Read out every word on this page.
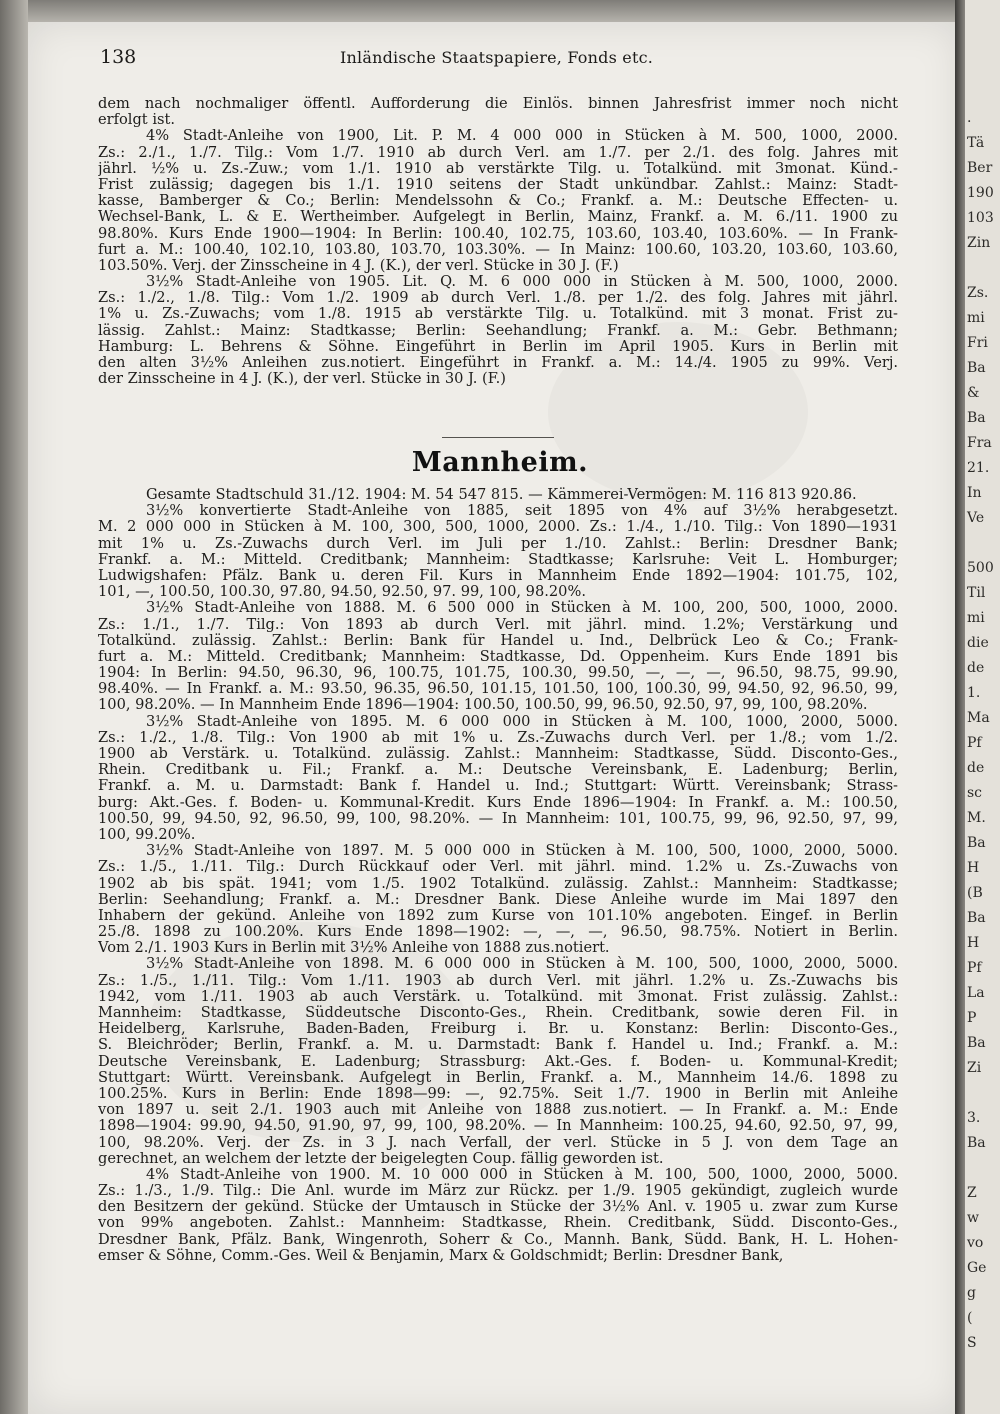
.
Tä
Ber
190
103
Zin
Zs.
mi
Fri
Ba
&
Ba
Fra
21.
In
Ve
500
Til
mi
die
de
1.
Ma
Pf
de
sc
M.
Ba
H
(B
Ba
H
Pf
La
P
Ba
Zi
3.
Ba
Z
w
vo
Ge
g
(
S
138	Inländische Staatspapiere, Fonds etc.
dem nach nochmaliger öffentl. Aufforderung die Einlös. binnen Jahresfrist immer noch nicht
erfolgt ist.
4% Stadt-Anleihe von 1900, Lit. P. M. 4 000 000 in Stücken à M. 500, 1000, 2000.
Zs.: 2./1., 1./7. Tilg.: Vom 1./7. 1910 ab durch Verl. am 1./7. per 2./1. des folg. Jahres mit
jährl. ½% u. Zs.-Zuw.; vom 1./1. 1910 ab verstärkte Tilg. u. Totalkünd. mit 3monat. Künd.-
Frist zulässig; dagegen bis 1./1. 1910 seitens der Stadt unkündbar. Zahlst.: Mainz: Stadt-
kasse, Bamberger & Co.; Berlin: Mendelssohn & Co.; Frankf. a. M.: Deutsche Effecten- u.
Wechsel-Bank, L. & E. Wertheimber. Aufgelegt in Berlin, Mainz, Frankf. a. M. 6./11. 1900 zu
98.80%. Kurs Ende 1900—1904: In Berlin: 100.40, 102.75, 103.60, 103.40, 103.60%. — In Frank-
furt a. M.: 100.40, 102.10, 103.80, 103.70, 103.30%. — In Mainz: 100.60, 103.20, 103.60, 103.60,
103.50%. Verj. der Zinsscheine in 4 J. (K.), der verl. Stücke in 30 J. (F.)
3½% Stadt-Anleihe von 1905. Lit. Q. M. 6 000 000 in Stücken à M. 500, 1000, 2000.
Zs.: 1./2., 1./8. Tilg.: Vom 1./2. 1909 ab durch Verl. 1./8. per 1./2. des folg. Jahres mit jährl.
1% u. Zs.-Zuwachs; vom 1./8. 1915 ab verstärkte Tilg. u. Totalkünd. mit 3 monat. Frist zu-
lässig. Zahlst.: Mainz: Stadtkasse; Berlin: Seehandlung; Frankf. a. M.: Gebr. Bethmann;
Hamburg: L. Behrens & Söhne. Eingeführt in Berlin im April 1905. Kurs in Berlin mit
den alten 3½% Anleihen zus.notiert. Eingeführt in Frankf. a. M.: 14./4. 1905 zu 99%. Verj.
der Zinsscheine in 4 J. (K.), der verl. Stücke in 30 J. (F.)
Mannheim.
Gesamte Stadtschuld 31./12. 1904: M. 54 547 815. — Kämmerei-Vermögen: M. 116 813 920.86.
3½% konvertierte Stadt-Anleihe von 1885, seit 1895 von 4% auf 3½% herabgesetzt.
M. 2 000 000 in Stücken à M. 100, 300, 500, 1000, 2000. Zs.: 1./4., 1./10. Tilg.: Von 1890—1931
mit 1% u. Zs.-Zuwachs durch Verl. im Juli per 1./10. Zahlst.: Berlin: Dresdner Bank;
Frankf. a. M.: Mitteld. Creditbank; Mannheim: Stadtkasse; Karlsruhe: Veit L. Homburger;
Ludwigshafen: Pfälz. Bank u. deren Fil. Kurs in Mannheim Ende 1892—1904: 101.75, 102,
101, —, 100.50, 100.30, 97.80, 94.50, 92.50, 97. 99, 100, 98.20%.
3½% Stadt-Anleihe von 1888. M. 6 500 000 in Stücken à M. 100, 200, 500, 1000, 2000.
Zs.: 1./1., 1./7. Tilg.: Von 1893 ab durch Verl. mit jährl. mind. 1.2%; Verstärkung und
Totalkünd. zulässig. Zahlst.: Berlin: Bank für Handel u. Ind., Delbrück Leo & Co.; Frank-
furt a. M.: Mitteld. Creditbank; Mannheim: Stadtkasse, Dd. Oppenheim. Kurs Ende 1891 bis
1904: In Berlin: 94.50, 96.30, 96, 100.75, 101.75, 100.30, 99.50, —, —, —, 96.50, 98.75, 99.90,
98.40%. — In Frankf. a. M.: 93.50, 96.35, 96.50, 101.15, 101.50, 100, 100.30, 99, 94.50, 92, 96.50, 99,
100, 98.20%. — In Mannheim Ende 1896—1904: 100.50, 100.50, 99, 96.50, 92.50, 97, 99, 100, 98.20%.
3½% Stadt-Anleihe von 1895. M. 6 000 000 in Stücken à M. 100, 1000, 2000, 5000.
Zs.: 1./2., 1./8. Tilg.: Von 1900 ab mit 1% u. Zs.-Zuwachs durch Verl. per 1./8.; vom 1./2.
1900 ab Verstärk. u. Totalkünd. zulässig. Zahlst.: Mannheim: Stadtkasse, Südd. Disconto-Ges.,
Rhein. Creditbank u. Fil.; Frankf. a. M.: Deutsche Vereinsbank, E. Ladenburg; Berlin,
Frankf. a. M. u. Darmstadt: Bank f. Handel u. Ind.; Stuttgart: Württ. Vereinsbank; Strass-
burg: Akt.-Ges. f. Boden- u. Kommunal-Kredit. Kurs Ende 1896—1904: In Frankf. a. M.: 100.50,
100.50, 99, 94.50, 92, 96.50, 99, 100, 98.20%. — In Mannheim: 101, 100.75, 99, 96, 92.50, 97, 99,
100, 99.20%.
3½% Stadt-Anleihe von 1897. M. 5 000 000 in Stücken à M. 100, 500, 1000, 2000, 5000.
Zs.: 1./5., 1./11. Tilg.: Durch Rückkauf oder Verl. mit jährl. mind. 1.2% u. Zs.-Zuwachs von
1902 ab bis spät. 1941; vom 1./5. 1902 Totalkünd. zulässig. Zahlst.: Mannheim: Stadtkasse;
Berlin: Seehandlung; Frankf. a. M.: Dresdner Bank. Diese Anleihe wurde im Mai 1897 den
Inhabern der gekünd. Anleihe von 1892 zum Kurse von 101.10% angeboten. Eingef. in Berlin
25./8. 1898 zu 100.20%. Kurs Ende 1898—1902: —, —, —, 96.50, 98.75%. Notiert in Berlin.
Vom 2./1. 1903 Kurs in Berlin mit 3½% Anleihe von 1888 zus.notiert.
3½% Stadt-Anleihe von 1898. M. 6 000 000 in Stücken à M. 100, 500, 1000, 2000, 5000.
Zs.: 1./5., 1./11. Tilg.: Vom 1./11. 1903 ab durch Verl. mit jährl. 1.2% u. Zs.-Zuwachs bis
1942, vom 1./11. 1903 ab auch Verstärk. u. Totalkünd. mit 3monat. Frist zulässig. Zahlst.:
Mannheim: Stadtkasse, Süddeutsche Disconto-Ges., Rhein. Creditbank, sowie deren Fil. in
Heidelberg, Karlsruhe, Baden-Baden, Freiburg i. Br. u. Konstanz: Berlin: Disconto-Ges.,
S. Bleichröder; Berlin, Frankf. a. M. u. Darmstadt: Bank f. Handel u. Ind.; Frankf. a. M.:
Deutsche Vereinsbank, E. Ladenburg; Strassburg: Akt.-Ges. f. Boden- u. Kommunal-Kredit;
Stuttgart: Württ. Vereinsbank. Aufgelegt in Berlin, Frankf. a. M., Mannheim 14./6. 1898 zu
100.25%. Kurs in Berlin: Ende 1898—99: —, 92.75%. Seit 1./7. 1900 in Berlin mit Anleihe
von 1897 u. seit 2./1. 1903 auch mit Anleihe von 1888 zus.notiert. — In Frankf. a. M.: Ende
1898—1904: 99.90, 94.50, 91.90, 97, 99, 100, 98.20%. — In Mannheim: 100.25, 94.60, 92.50, 97, 99,
100, 98.20%. Verj. der Zs. in 3 J. nach Verfall, der verl. Stücke in 5 J. von dem Tage an
gerechnet, an welchem der letzte der beigelegten Coup. fällig geworden ist.
4% Stadt-Anleihe von 1900. M. 10 000 000 in Stücken à M. 100, 500, 1000, 2000, 5000.
Zs.: 1./3., 1./9. Tilg.: Die Anl. wurde im März zur Rückz. per 1./9. 1905 gekündigt, zugleich wurde
den Besitzern der gekünd. Stücke der Umtausch in Stücke der 3½% Anl. v. 1905 u. zwar zum Kurse
von 99% angeboten. Zahlst.: Mannheim: Stadtkasse, Rhein. Creditbank, Südd. Disconto-Ges.,
Dresdner Bank, Pfälz. Bank, Wingenroth, Soherr & Co., Mannh. Bank, Südd. Bank, H. L. Hohen-
emser & Söhne, Comm.-Ges. Weil & Benjamin, Marx & Goldschmidt; Berlin: Dresdner Bank,
